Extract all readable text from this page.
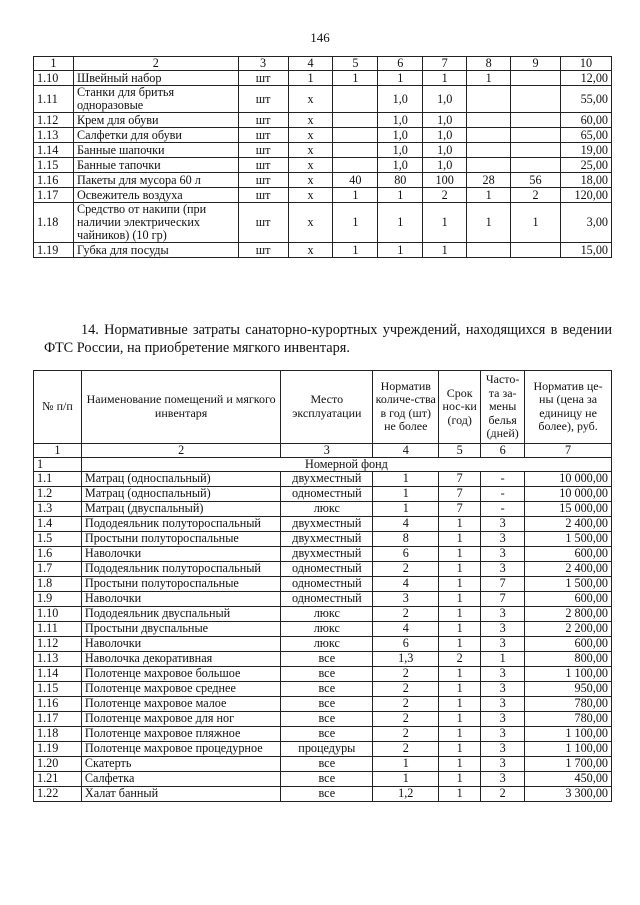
146
1	2	3	4	5	6	7	8	9	10
1.10	Швейный набор	шт	1	1	1	1	1		12,00
1.11	Станки для бритья одноразовые	шт	х		1,0	1,0			55,00
1.12	Крем для обуви	шт	х		1,0	1,0			60,00
1.13	Салфетки для обуви	шт	х		1,0	1,0			65,00
1.14	Банные шапочки	шт	х		1,0	1,0			19,00
1.15	Банные тапочки	шт	х		1,0	1,0			25,00
1.16	Пакеты для мусора 60 л	шт	х	40	80	100	28	56	18,00
1.17	Освежитель воздуха	шт	х	1	1	2	1	2	120,00
1.18	Средство от накипи (при наличии электрических чайников) (10 гр)	шт	х	1	1	1	1	1	3,00
1.19	Губка для посуды	шт	х	1	1	1			15,00
14. Нормативные затраты санаторно-курортных учреждений, находящихся в ведении ФТС России, на приобретение мягкого инвентаря.
№ п/п	Наименование помещений и мягкого инвентаря	Место эксплуатации	Норматив количе-ства в год (шт) не более	Срок нос-ки (год)	Часто-та за-мены белья (дней)	Норматив це-ны (цена за единицу не более), руб.
1	2	3	4	5	6	7
1	Номерной фонд					
1.1	Матрац (односпальный)	двухместный	1	7	-	10 000,00
1.2	Матрац (односпальный)	одноместный	1	7	-	10 000,00
1.3	Матрац (двуспальный)	люкс	1	7	-	15 000,00
1.4	Пододеяльник полутороспальный	двухместный	4	1	3	2 400,00
1.5	Простыни полутороспальные	двухместный	8	1	3	1 500,00
1.6	Наволочки	двухместный	6	1	3	600,00
1.7	Пододеяльник полутороспальный	одноместный	2	1	3	2 400,00
1.8	Простыни полутороспальные	одноместный	4	1	7	1 500,00
1.9	Наволочки	одноместный	3	1	7	600,00
1.10	Пододеяльник двуспальный	люкс	2	1	3	2 800,00
1.11	Простыни двуспальные	люкс	4	1	3	2 200,00
1.12	Наволочки	люкс	6	1	3	600,00
1.13	Наволочка декоративная	все	1,3	2	1	800,00
1.14	Полотенце махровое большое	все	2	1	3	1 100,00
1.15	Полотенце махровое среднее	все	2	1	3	950,00
1.16	Полотенце махровое малое	все	2	1	3	780,00
1.17	Полотенце махровое для ног	все	2	1	3	780,00
1.18	Полотенце махровое пляжное	все	2	1	3	1 100,00
1.19	Полотенце махровое процедурное	процедуры	2	1	3	1 100,00
1.20	Скатерть	все	1	1	3	1 700,00
1.21	Салфетка	все	1	1	3	450,00
1.22	Халат банный	все	1,2	1	2	3 300,00
